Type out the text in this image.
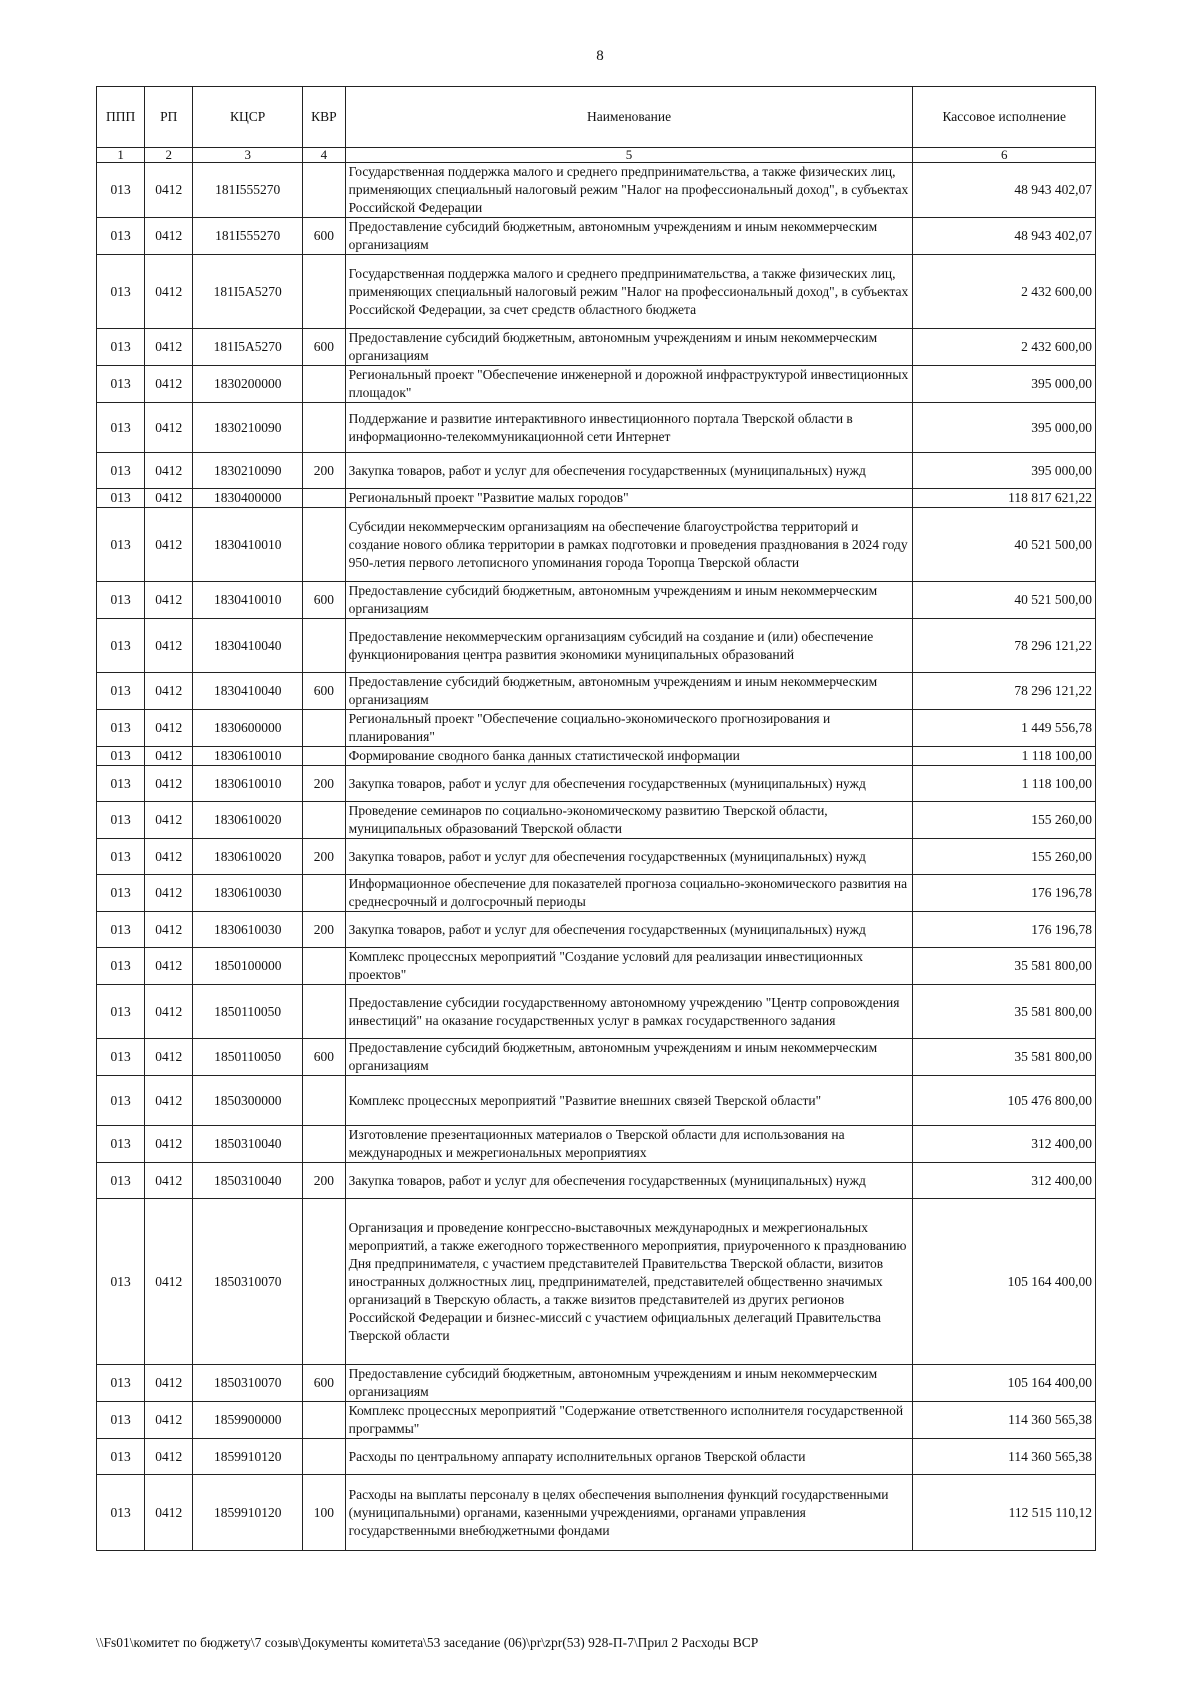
8
ППП	РП	КЦСР	КВР	Наименование	Кассовое исполнение
1	2	3	4	5	6
013	0412	181I555270		Государственная поддержка малого и среднего предпринимательства, а также физических лиц, применяющих специальный налоговый режим "Налог на профессиональный доход", в субъектах Российской Федерации	48 943 402,07
013	0412	181I555270	600	Предоставление субсидий бюджетным, автономным учреждениям и иным некоммерческим организациям	48 943 402,07
013	0412	181I5A5270		Государственная поддержка малого и среднего предпринимательства, а также физических лиц, применяющих специальный налоговый режим "Налог на профессиональный доход", в субъектах Российской Федерации, за счет средств областного бюджета	2 432 600,00
013	0412	181I5A5270	600	Предоставление субсидий бюджетным, автономным учреждениям и иным некоммерческим организациям	2 432 600,00
013	0412	1830200000		Региональный проект "Обеспечение инженерной и дорожной инфраструктурой инвестиционных площадок"	395 000,00
013	0412	1830210090		Поддержание и развитие интерактивного инвестиционного портала Тверской области в информационно-телекоммуникационной сети Интернет	395 000,00
013	0412	1830210090	200	Закупка товаров, работ и услуг для обеспечения государственных (муниципальных) нужд	395 000,00
013	0412	1830400000		Региональный проект "Развитие малых городов"	118 817 621,22
013	0412	1830410010		Субсидии некоммерческим организациям на обеспечение благоустройства территорий и создание нового облика территории в рамках подготовки и проведения празднования в 2024 году 950-летия первого летописного упоминания города Торопца Тверской области	40 521 500,00
013	0412	1830410010	600	Предоставление субсидий бюджетным, автономным учреждениям и иным некоммерческим организациям	40 521 500,00
013	0412	1830410040		Предоставление некоммерческим организациям субсидий на создание и (или) обеспечение функционирования центра развития экономики муниципальных образований	78 296 121,22
013	0412	1830410040	600	Предоставление субсидий бюджетным, автономным учреждениям и иным некоммерческим организациям	78 296 121,22
013	0412	1830600000		Региональный проект "Обеспечение социально-экономического прогнозирования и планирования"	1 449 556,78
013	0412	1830610010		Формирование сводного банка данных статистической информации	1 118 100,00
013	0412	1830610010	200	Закупка товаров, работ и услуг для обеспечения государственных (муниципальных) нужд	1 118 100,00
013	0412	1830610020		Проведение семинаров по социально-экономическому развитию Тверской области, муниципальных образований Тверской области	155 260,00
013	0412	1830610020	200	Закупка товаров, работ и услуг для обеспечения государственных (муниципальных) нужд	155 260,00
013	0412	1830610030		Информационное обеспечение для показателей прогноза социально-экономического развития на среднесрочный и долгосрочный периоды	176 196,78
013	0412	1830610030	200	Закупка товаров, работ и услуг для обеспечения государственных (муниципальных) нужд	176 196,78
013	0412	1850100000		Комплекс процессных мероприятий "Создание условий для реализации инвестиционных проектов"	35 581 800,00
013	0412	1850110050		Предоставление субсидии государственному автономному учреждению "Центр сопровождения инвестиций" на оказание государственных услуг в рамках государственного задания	35 581 800,00
013	0412	1850110050	600	Предоставление субсидий бюджетным, автономным учреждениям и иным некоммерческим организациям	35 581 800,00
013	0412	1850300000		Комплекс процессных мероприятий "Развитие внешних связей Тверской области"	105 476 800,00
013	0412	1850310040		Изготовление презентационных материалов о Тверской области для использования на международных и межрегиональных мероприятиях	312 400,00
013	0412	1850310040	200	Закупка товаров, работ и услуг для обеспечения государственных (муниципальных) нужд	312 400,00
013	0412	1850310070		Организация и проведение конгрессно-выставочных международных и межрегиональных мероприятий, а также ежегодного торжественного мероприятия, приуроченного к празднованию Дня предпринимателя, с участием представителей Правительства Тверской области, визитов иностранных должностных лиц, предпринимателей, представителей общественно значимых организаций в Тверскую область, а также визитов представителей из других регионов Российской Федерации и бизнес-миссий с участием официальных делегаций Правительства Тверской области	105 164 400,00
013	0412	1850310070	600	Предоставление субсидий бюджетным, автономным учреждениям и иным некоммерческим организациям	105 164 400,00
013	0412	1859900000		Комплекс процессных мероприятий "Содержание ответственного исполнителя государственной программы"	114 360 565,38
013	0412	1859910120		Расходы по центральному аппарату исполнительных органов Тверской области	114 360 565,38
013	0412	1859910120	100	Расходы на выплаты персоналу в целях обеспечения выполнения функций государственными (муниципальными) органами, казенными учреждениями, органами управления государственными внебюджетными фондами	112 515 110,12
\\Fs01\комитет по бюджету\7 созыв\Документы комитета\53 заседание (06)\pr\zpr(53) 928-П-7\Прил 2 Расходы ВСР
